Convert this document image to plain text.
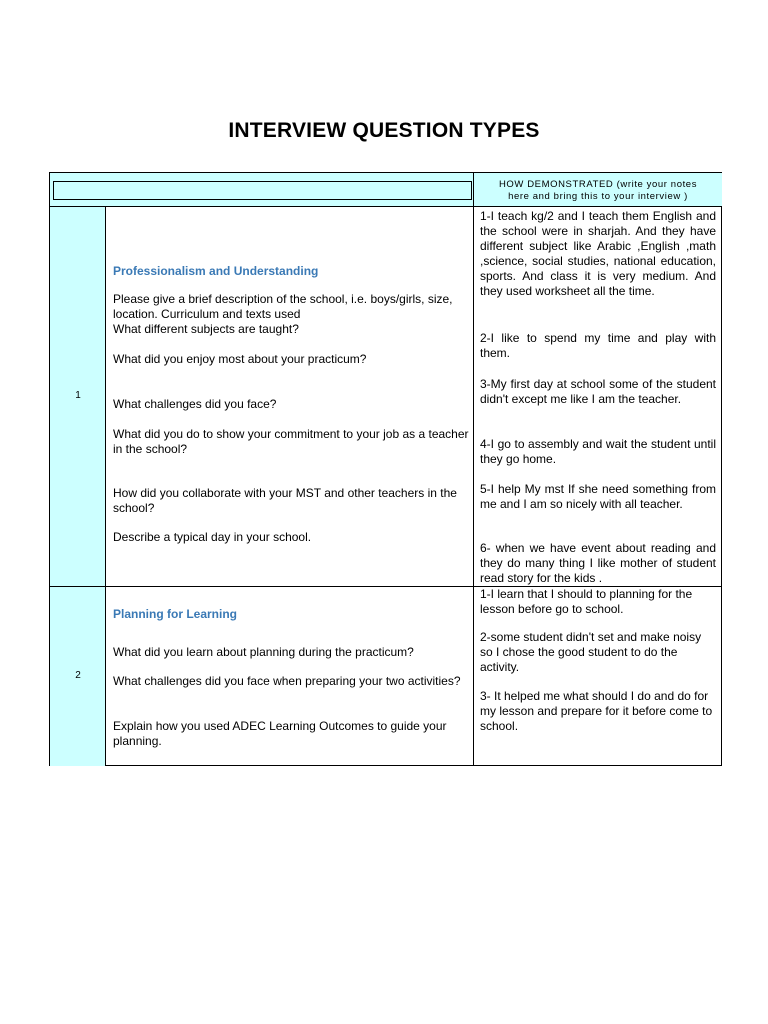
INTERVIEW QUESTION TYPES
HOW DEMONSTRATED (write your notes
here and bring this to your interview )
1
Professionalism and Understanding

Please give a brief description of the school, i.e. boys/girls, size, location. Curriculum and texts used

What different subjects are taught?

What did you enjoy most about your practicum?

What challenges did you face?

What did you do to show your commitment to your job as a teacher in the school?

How did you collaborate with your MST and other teachers in the school?

Describe a typical day in your school.

1-I teach kg/2 and I teach them English and the school were in sharjah. And they have different subject like Arabic ,English ,math ,science, social studies, national education, sports. And class it is very medium. And they used worksheet all the time.

2-I like to spend my time and play with them.

3-My first day at school some of the student didn't except me like I am the teacher.

4-I go to assembly and wait the student until they go home.

5-I help My mst If she need something from me and I am so nicely with all teacher.

6- when we have event about reading and they do many thing I like mother of student read story for the kids .

2
Planning for Learning

What did you learn about planning during the practicum?

What challenges did you face when preparing your two activities?

Explain how you used ADEC Learning Outcomes to guide your planning.

1-I learn that I should to planning for the lesson before go to school.

2-some student didn't set and make noisy so I chose the good student to do the activity.

3- It helped me what should I do and do for my lesson and prepare for it before come to school.
